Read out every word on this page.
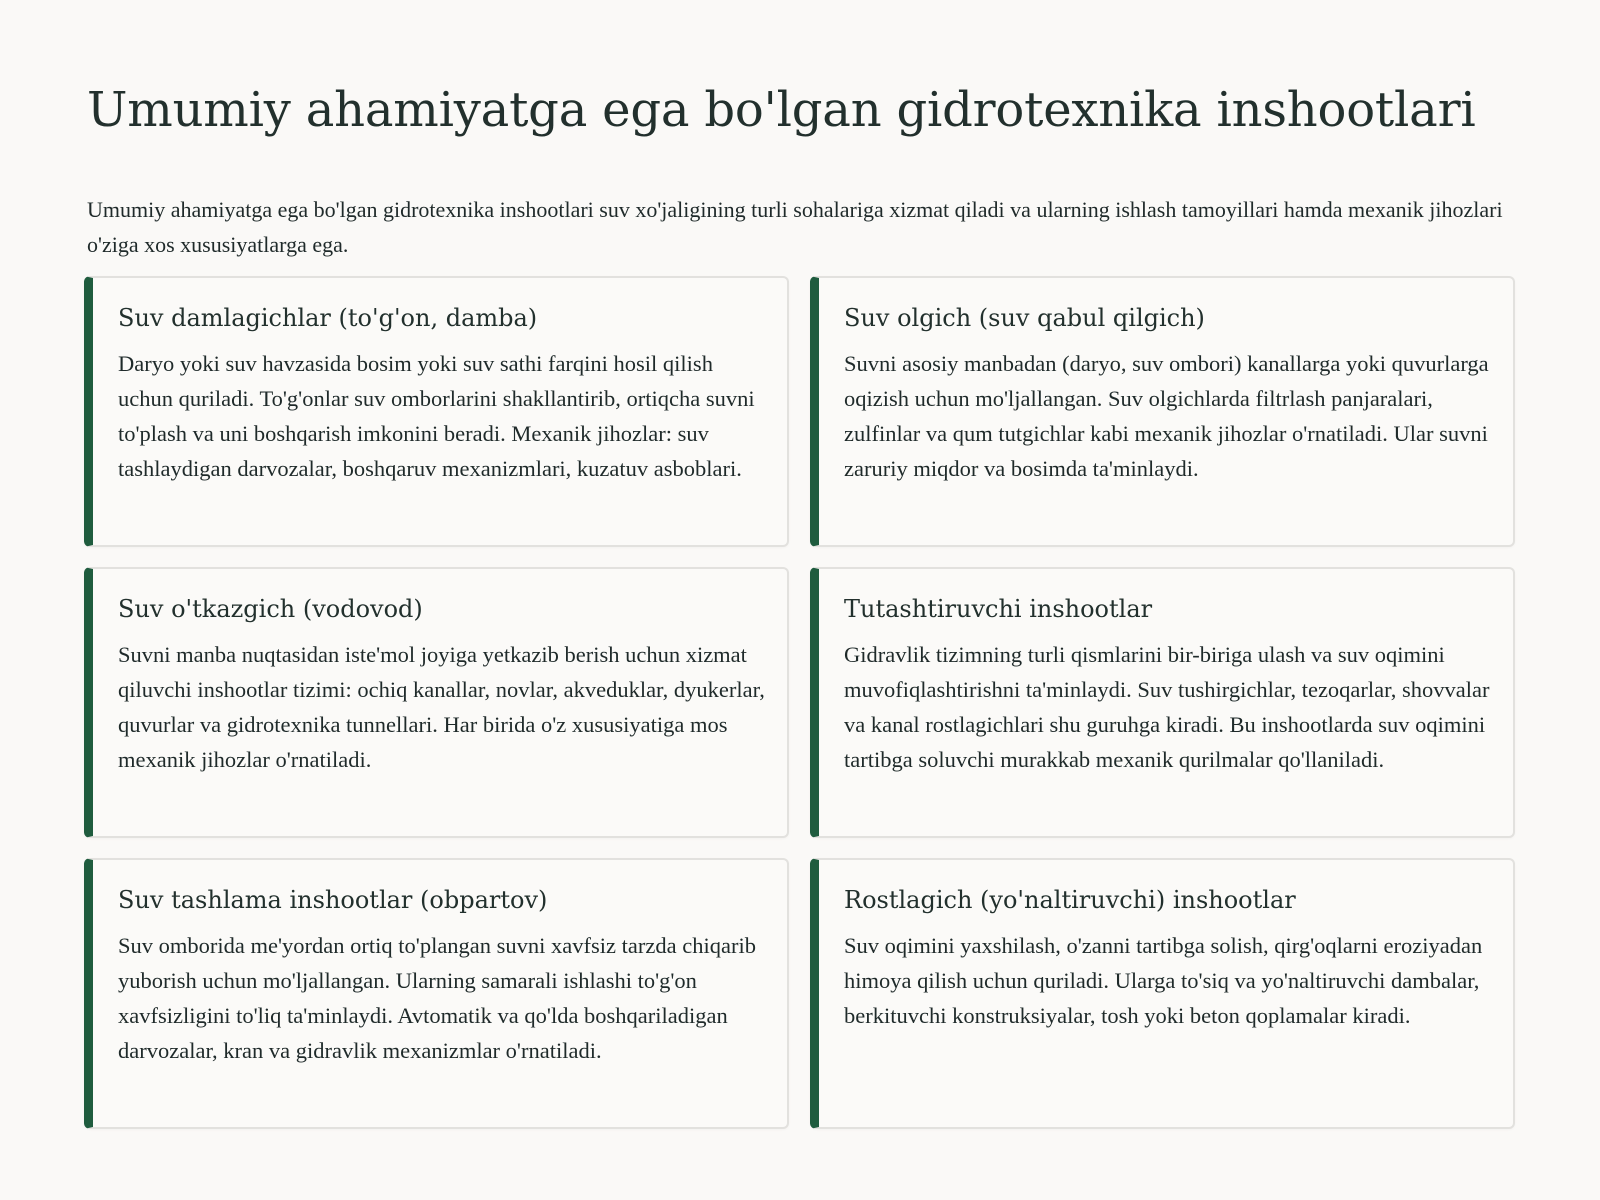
Umumiy ahamiyatga ega bo'lgan gidrotexnika inshootlari

Umumiy ahamiyatga ega bo'lgan gidrotexnika inshootlari suv xo'jaligining turli sohalariga xizmat qiladi va ularning ishlash tamoyillari hamda mexanik jihozlari o'ziga xos xususiyatlarga ega.

Suv damlagichlar (to'g'on, damba)

Daryo yoki suv havzasida bosim yoki suv sathi farqini hosil qilish uchun quriladi. To'g'onlar suv omborlarini shakllantirib, ortiqcha suvni to'plash va uni boshqarish imkonini beradi. Mexanik jihozlar: suv tashlaydigan darvozalar, boshqaruv mexanizmlari, kuzatuv asboblari.

Suv olgich (suv qabul qilgich)

Suvni asosiy manbadan (daryo, suv ombori) kanallarga yoki quvurlarga oqizish uchun mo'ljallangan. Suv olgichlarda filtrlash panjaralari, zulfinlar va qum tutgichlar kabi mexanik jihozlar o'rnatiladi. Ular suvni zaruriy miqdor va bosimda ta'minlaydi.

Suv o'tkazgich (vodovod)

Suvni manba nuqtasidan iste'mol joyiga yetkazib berish uchun xizmat qiluvchi inshootlar tizimi: ochiq kanallar, novlar, akveduklar, dyukerlar, quvurlar va gidrotexnika tunnellari. Har birida o'z xususiyatiga mos mexanik jihozlar o'rnatiladi.

Tutashtiruvchi inshootlar

Gidravlik tizimning turli qismlarini bir-biriga ulash va suv oqimini muvofiqlashtirishni ta'minlaydi. Suv tushirgichlar, tezoqarlar, shovvalar va kanal rostlagichlari shu guruhga kiradi. Bu inshootlarda suv oqimini tartibga soluvchi murakkab mexanik qurilmalar qo'llaniladi.

Suv tashlama inshootlar (obpartov)

Suv omborida me'yordan ortiq to'plangan suvni xavfsiz tarzda chiqarib yuborish uchun mo'ljallangan. Ularning samarali ishlashi to'g'on xavfsizligini to'liq ta'minlaydi. Avtomatik va qo'lda boshqariladigan darvozalar, kran va gidravlik mexanizmlar o'rnatiladi.

Rostlagich (yo'naltiruvchi) inshootlar

Suv oqimini yaxshilash, o'zanni tartibga solish, qirg'oqlarni eroziyadan himoya qilish uchun quriladi. Ularga to'siq va yo'naltiruvchi dambalar, berkituvchi konstruksiyalar, tosh yoki beton qoplamalar kiradi.
